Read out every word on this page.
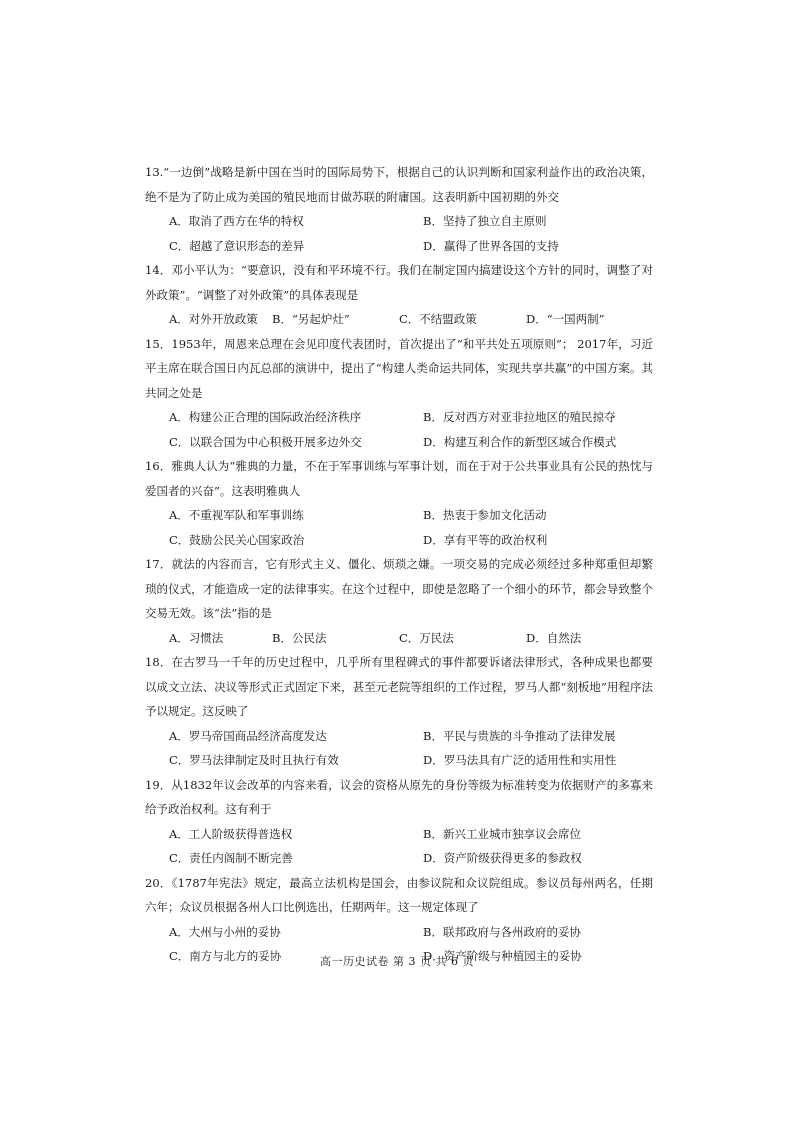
13.“一边倒”战略是新中国在当时的国际局势下，根据自己的认识判断和国家利益作出的政治决策，绝不是为了防止成为美国的殖民地而甘做苏联的附庸国。这表明新中国初期的外交
A．取消了西方在华的特权	B．坚持了独立自主原则
C．超越了意识形态的差异	D．赢得了世界各国的支持
14．邓小平认为：“要意识，没有和平环境不行。我们在制定国内搞建设这个方针的同时，调整了对外政策”。“调整了对外政策”的具体表现是
A．对外开放政策	B．“另起炉灶”	C．不结盟政策	D．“一国两制”
15．1953年，周恩来总理在会见印度代表团时，首次提出了“和平共处五项原则”； 2017年，习近平主席在联合国日内瓦总部的演讲中，提出了“构建人类命运共同体，实现共享共赢”的中国方案。其共同之处是
A．构建公正合理的国际政治经济秩序	B．反对西方对亚非拉地区的殖民掠夺
C．以联合国为中心积极开展多边外交	D．构建互利合作的新型区域合作模式
16．雅典人认为“雅典的力量，不在于军事训练与军事计划，而在于对于公共事业具有公民的热忱与爱国者的兴奋”。这表明雅典人
A．不重视军队和军事训练	B．热衷于参加文化活动
C．鼓励公民关心国家政治	D．享有平等的政治权利
17．就法的内容而言，它有形式主义、僵化、烦琐之嫌。一项交易的完成必须经过多种郑重但却繁琐的仪式，才能造成一定的法律事实。在这个过程中，即使是忽略了一个细小的环节，都会导致整个交易无效。该“法”指的是
A．习惯法	B．公民法	C．万民法	D．自然法
18．在古罗马一千年的历史过程中，几乎所有里程碑式的事件都要诉诸法律形式，各种成果也都要以成文立法、决议等形式正式固定下来，甚至元老院等组织的工作过程，罗马人都“刻板地”用程序法予以规定。这反映了
A．罗马帝国商品经济高度发达	B．平民与贵族的斗争推动了法律发展
C．罗马法律制定及时且执行有效	D．罗马法具有广泛的适用性和实用性
19．从1832年议会改革的内容来看，议会的资格从原先的身份等级为标准转变为依据财产的多寡来给予政治权利。这有利于
A．工人阶级获得普选权	B．新兴工业城市独享议会席位
C．责任内阁制不断完善	D．资产阶级获得更多的参政权
20．《1787年宪法》规定，最高立法机构是国会，由参议院和众议院组成。参议员每州两名，任期六年；众议员根据各州人口比例选出，任期两年。这一规定体现了
A．大州与小州的妥协	B．联邦政府与各州政府的妥协
C．南方与北方的妥协	D．资产阶级与种植园主的妥协
高一历史试卷 第 3 页 共 6 页
